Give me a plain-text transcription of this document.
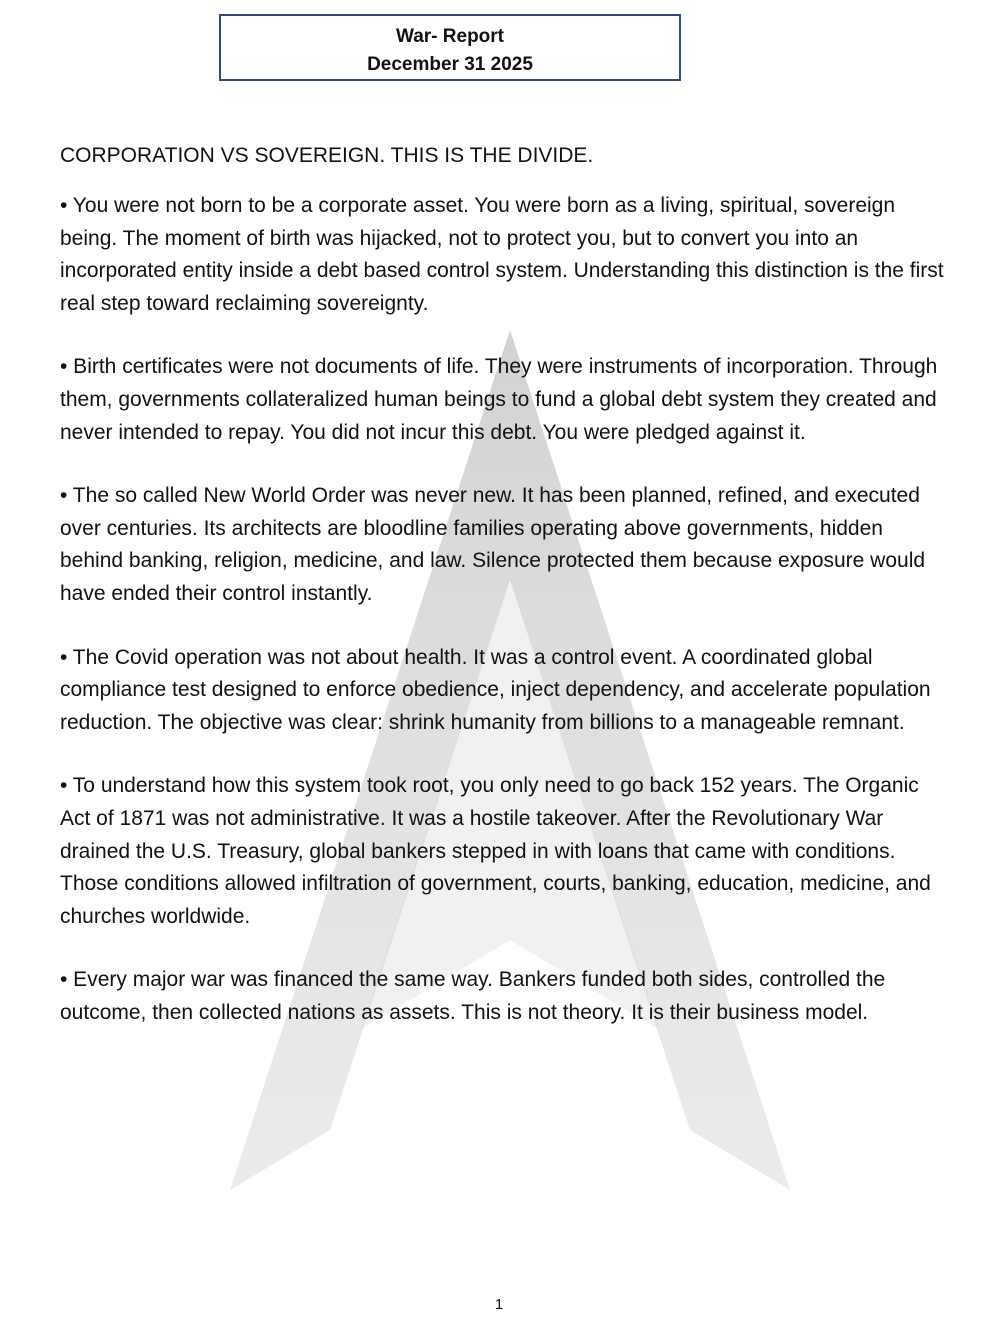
War- Report
December 31 2025
CORPORATION VS SOVEREIGN. THIS IS THE DIVIDE.

• You were not born to be a corporate asset. You were born as a living, spiritual, sovereign being. The moment of birth was hijacked, not to protect you, but to convert you into an incorporated entity inside a debt based control system. Understanding this distinction is the first real step toward reclaiming sovereignty.

• Birth certificates were not documents of life. They were instruments of incorporation. Through them, governments collateralized human beings to fund a global debt system they created and never intended to repay. You did not incur this debt. You were pledged against it.

• The so called New World Order was never new. It has been planned, refined, and executed over centuries. Its architects are bloodline families operating above governments, hidden behind banking, religion, medicine, and law. Silence protected them because exposure would have ended their control instantly.

• The Covid operation was not about health. It was a control event. A coordinated global compliance test designed to enforce obedience, inject dependency, and accelerate population reduction. The objective was clear: shrink humanity from billions to a manageable remnant.

• To understand how this system took root, you only need to go back 152 years. The Organic Act of 1871 was not administrative. It was a hostile takeover. After the Revolutionary War drained the U.S. Treasury, global bankers stepped in with loans that came with conditions. Those conditions allowed infiltration of government, courts, banking, education, medicine, and churches worldwide.

• Every major war was financed the same way. Bankers funded both sides, controlled the outcome, then collected nations as assets. This is not theory. It is their business model.

1
